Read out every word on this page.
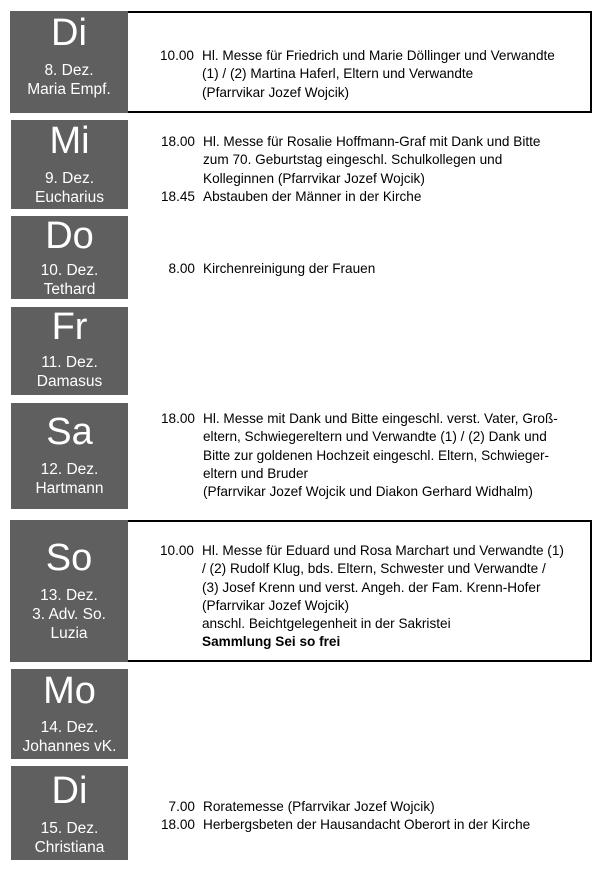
Di
8. Dez.
Maria Empf.
10.00 Hl. Messe für Friedrich und Marie Döllinger und Verwandte
(1) / (2) Martina Haferl, Eltern und Verwandte
(Pfarrvikar Jozef Wojcik)
Mi
9. Dez.
Eucharius
18.00 Hl. Messe für Rosalie Hoffmann-Graf mit Dank und Bitte
zum 70. Geburtstag eingeschl. Schulkollegen und
Kolleginnen (Pfarrvikar Jozef Wojcik)
18.45 Abstauben der Männer in der Kirche
Do
10. Dez.
Tethard
8.00 Kirchenreinigung der Frauen
Fr
11. Dez.
Damasus
Sa
12. Dez.
Hartmann
18.00 Hl. Messe mit Dank und Bitte eingeschl. verst. Vater, Groß-
eltern, Schwiegereltern und Verwandte (1) / (2) Dank und
Bitte zur goldenen Hochzeit eingeschl. Eltern, Schwieger-
eltern und Bruder
(Pfarrvikar Jozef Wojcik und Diakon Gerhard Widhalm)
So
13. Dez.
3. Adv. So.
Luzia
10.00 Hl. Messe für Eduard und Rosa Marchart und Verwandte (1)
/ (2) Rudolf Klug, bds. Eltern, Schwester und Verwandte /
(3) Josef Krenn und verst. Angeh. der Fam. Krenn-Hofer
(Pfarrvikar Jozef Wojcik)
anschl. Beichtgelegenheit in der Sakristei
Sammlung Sei so frei
Mo
14. Dez.
Johannes vK.
Di
15. Dez.
Christiana
7.00 Roratemesse (Pfarrvikar Jozef Wojcik)
18.00 Herbergsbeten der Hausandacht Oberort in der Kirche
